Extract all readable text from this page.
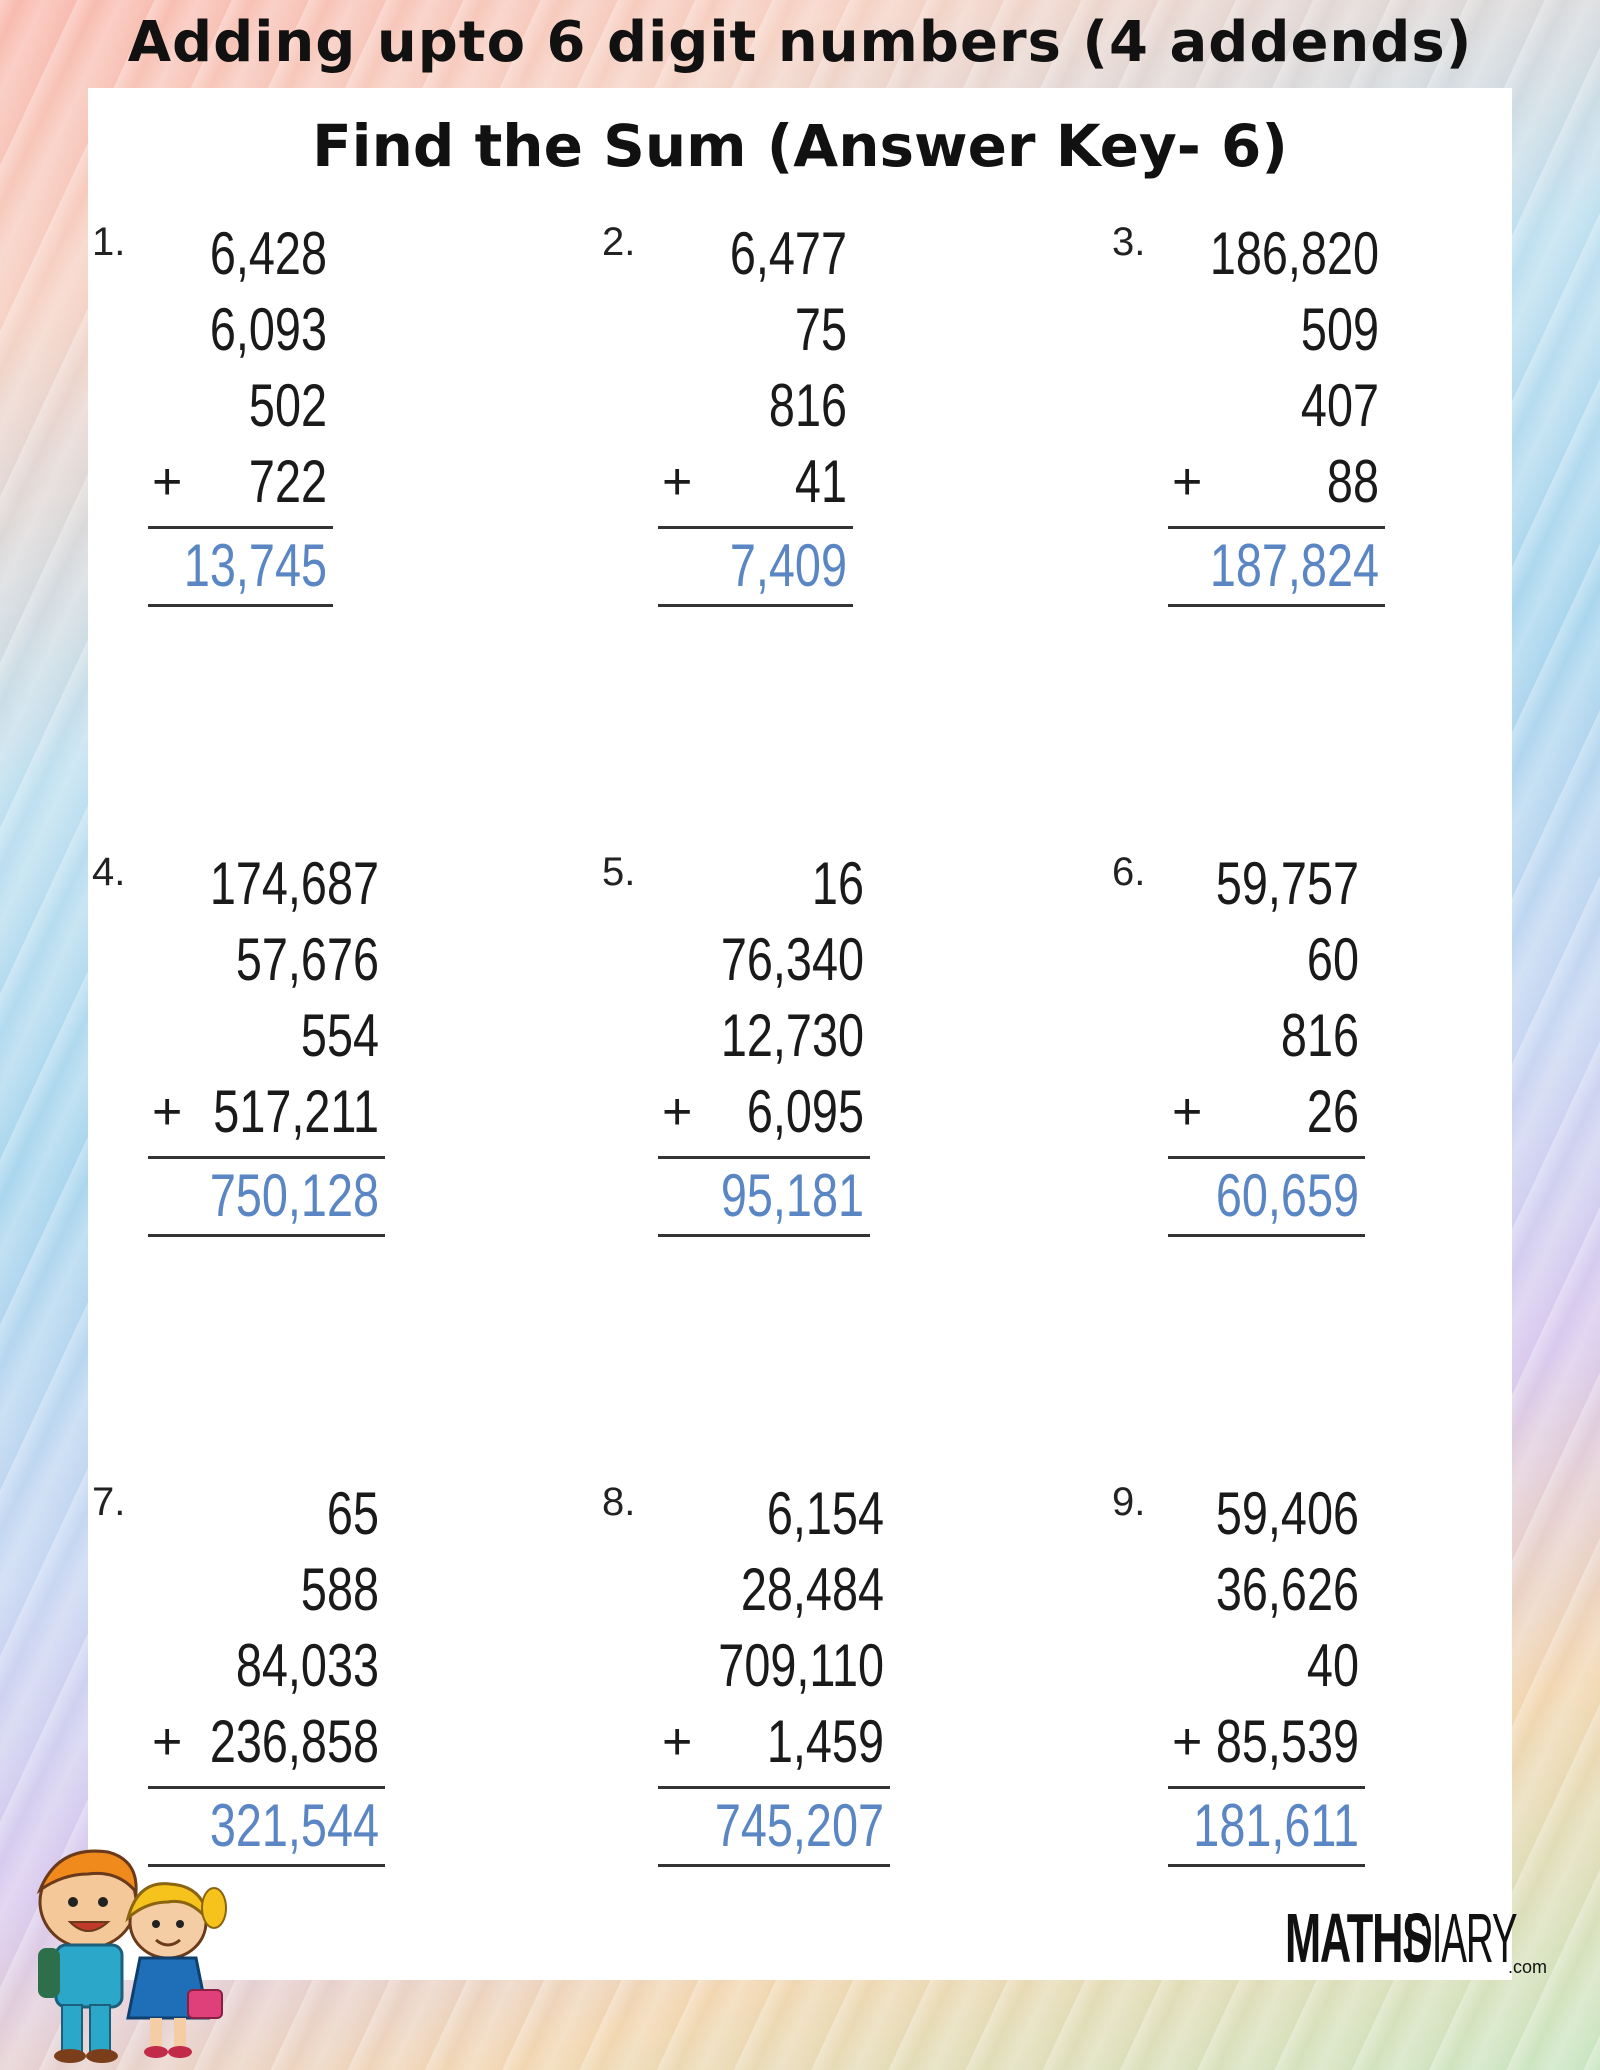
Adding upto 6 digit numbers (4 addends)
Find the Sum (Answer Key- 6)
1.	6,428
6,093
502
722
+
13,745
2.	6,477
75
816
41
+
7,409
3.	186,820
509
407
88
+
187,824
4.	174,687
57,676
554
517,211
+
750,128
5.	16
76,340
12,730
6,095
+
95,181
6.	59,757
60
816
26
+
60,659
7.	65
588
84,033
236,858
+
321,544
8.	6,154
28,484
709,110
1,459
+
745,207
9.	59,406
36,626
40
85,539
+
181,611
MATHS
DIARY
.com
